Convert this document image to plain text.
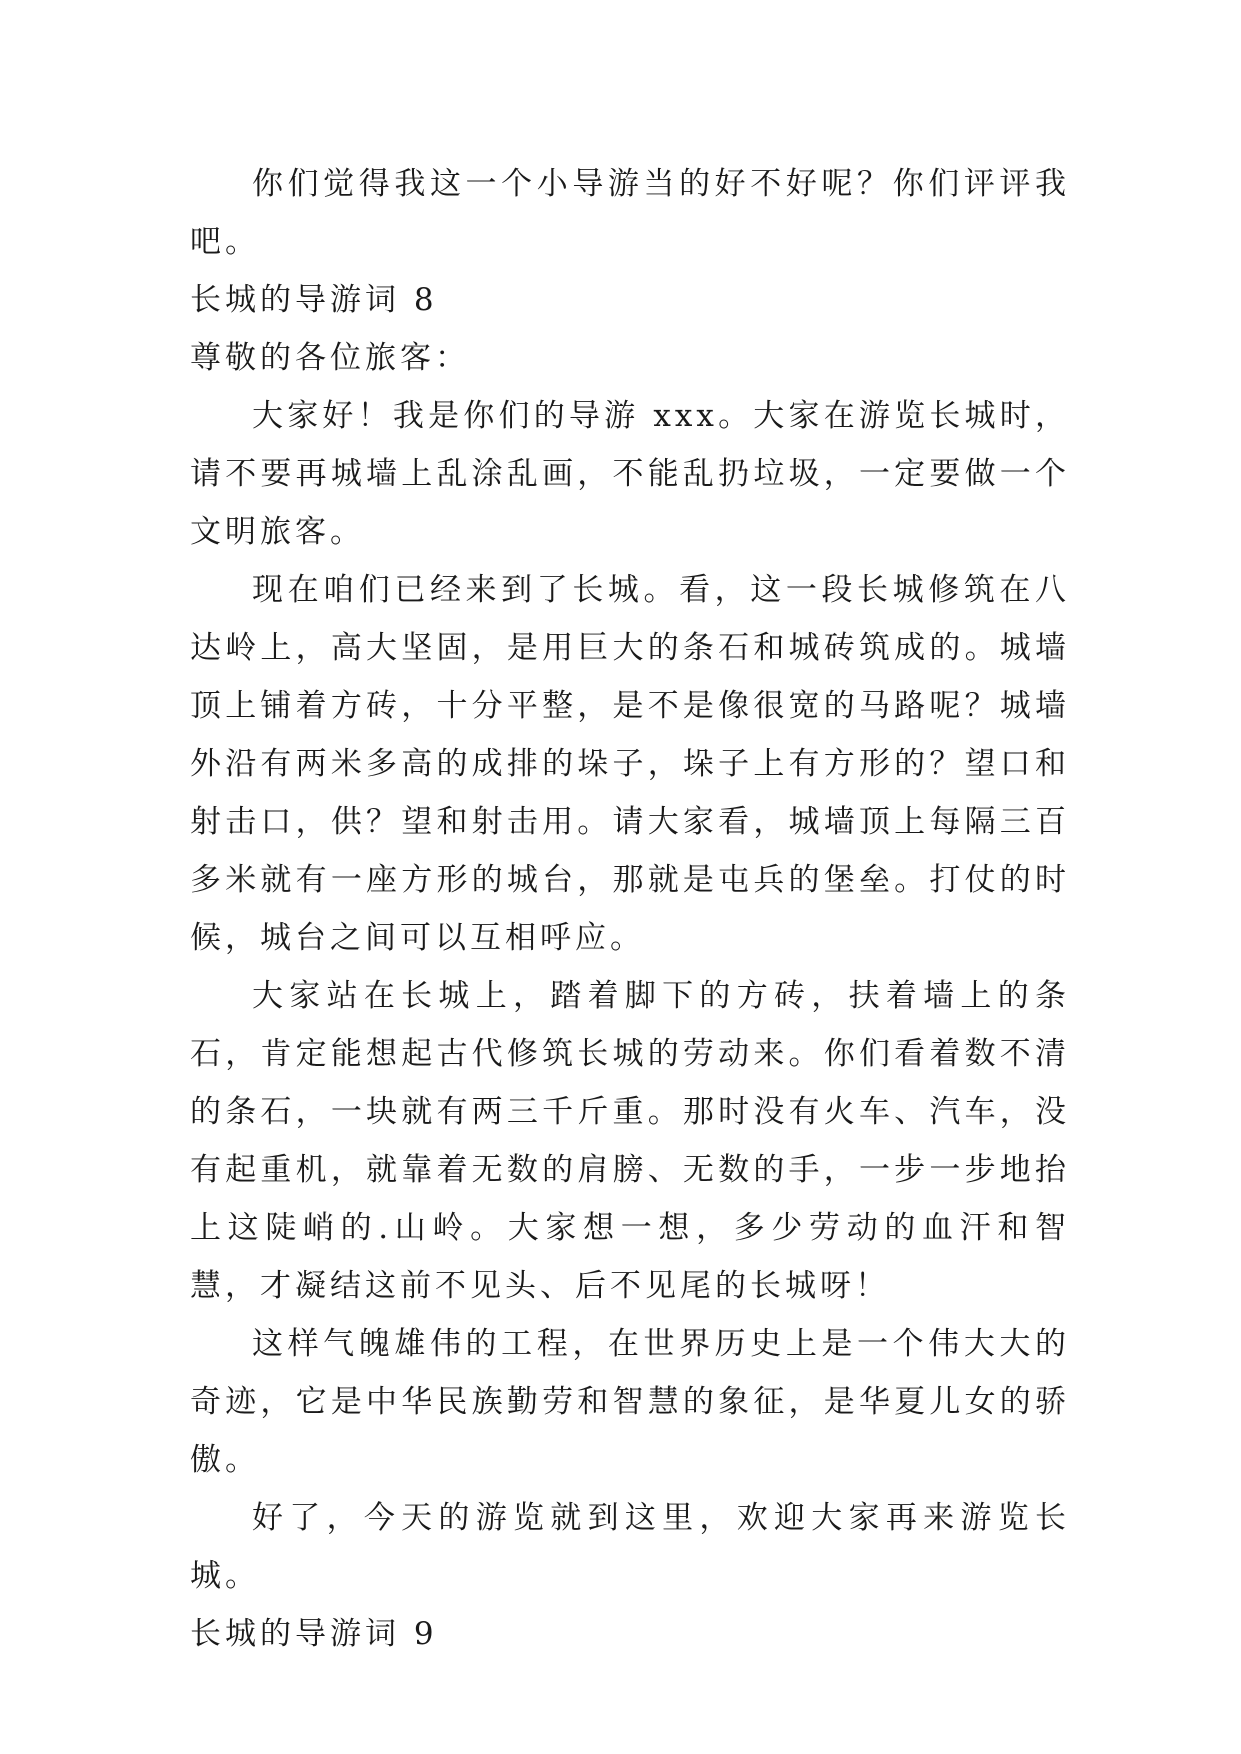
你们觉得我这一个小导游当的好不好呢？你们评评我吧。

长城的导游词 8

尊敬的各位旅客：

大家好！我是你们的导游 xxx。大家在游览长城时，请不要再城墙上乱涂乱画，不能乱扔垃圾，一定要做一个文明旅客。

现在咱们已经来到了长城。看，这一段长城修筑在八达岭上，高大坚固，是用巨大的条石和城砖筑成的。城墙顶上铺着方砖，十分平整，是不是像很宽的马路呢？城墙外沿有两米多高的成排的垛子，垛子上有方形的？望口和射击口，供？望和射击用。请大家看，城墙顶上每隔三百多米就有一座方形的城台，那就是屯兵的堡垒。打仗的时候，城台之间可以互相呼应。

大家站在长城上，踏着脚下的方砖，扶着墙上的条石，肯定能想起古代修筑长城的劳动来。你们看着数不清的条石，一块就有两三千斤重。那时没有火车、汽车，没有起重机，就靠着无数的肩膀、无数的手，一步一步地抬上这陡峭的.山岭。大家想一想，多少劳动的血汗和智慧，才凝结这前不见头、后不见尾的长城呀！

这样气魄雄伟的工程，在世界历史上是一个伟大大的奇迹，它是中华民族勤劳和智慧的象征，是华夏儿女的骄傲。

好了，今天的游览就到这里，欢迎大家再来游览长城。

长城的导游词 9
